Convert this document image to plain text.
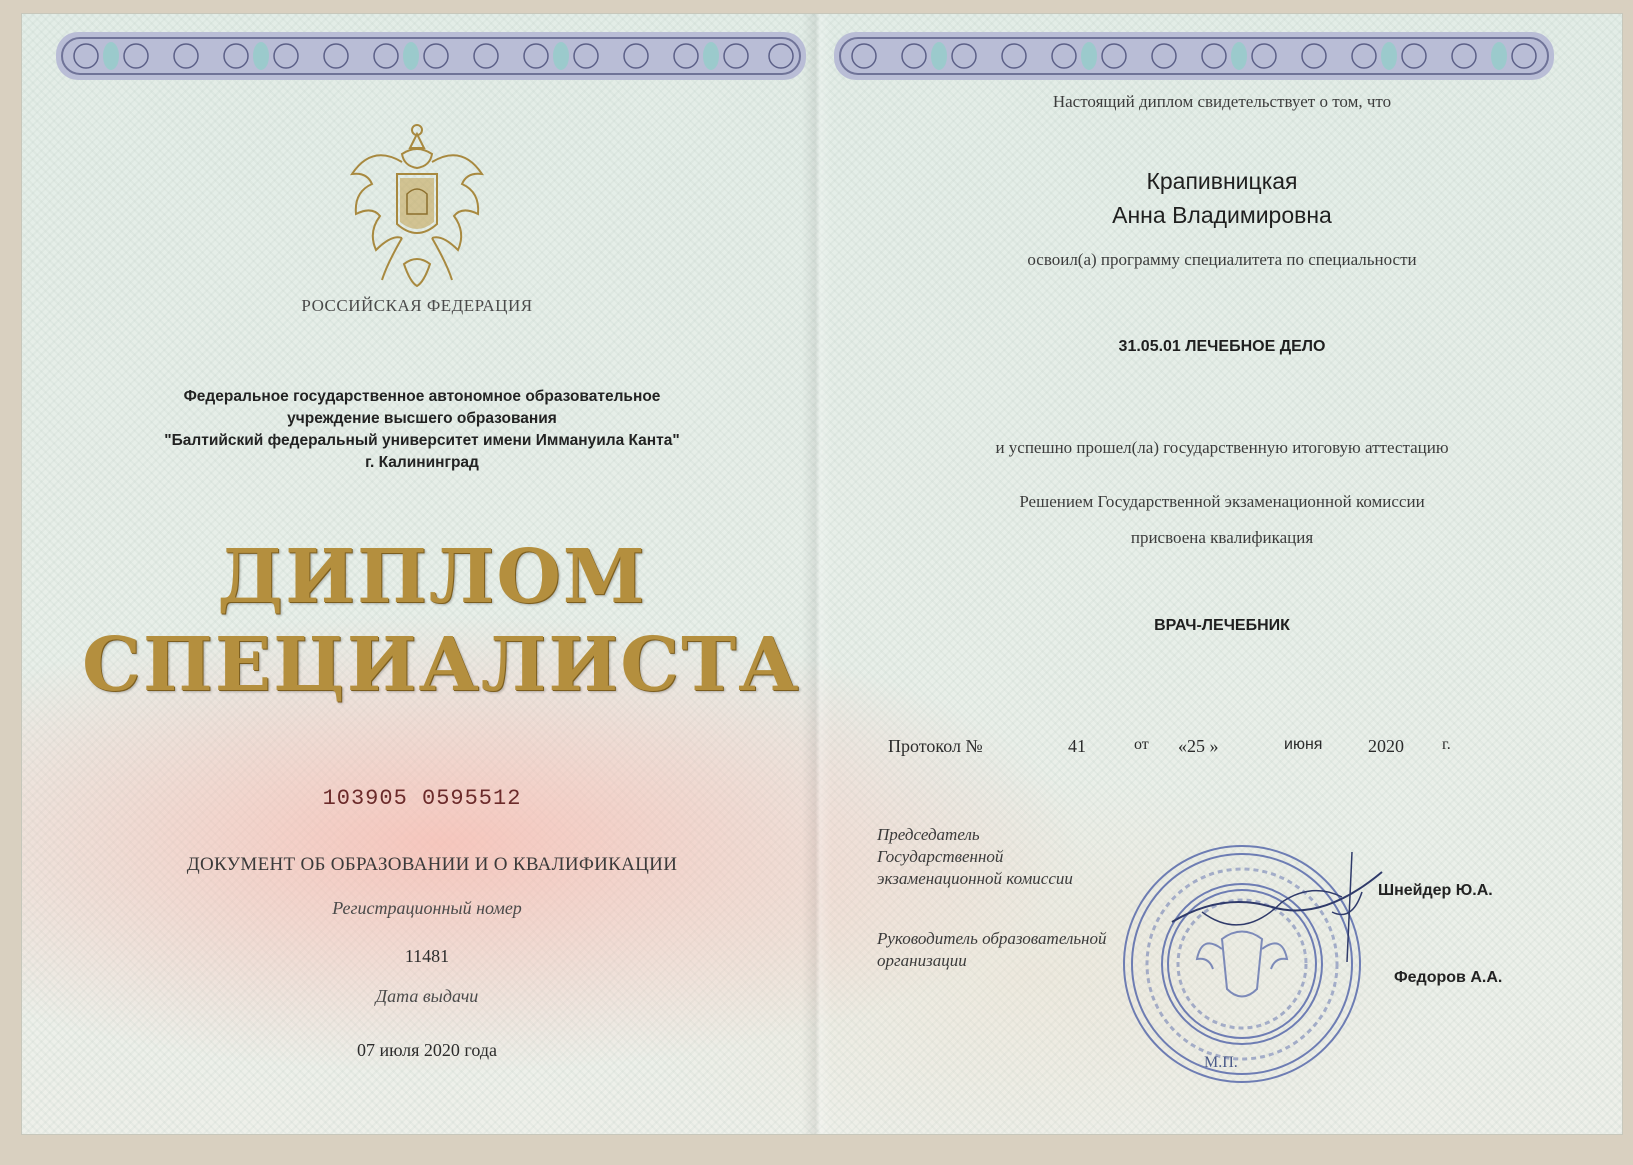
РОССИЙСКАЯ ФЕДЕРАЦИЯ
Федеральное государственное автономное образовательное
учреждение высшего образования
"Балтийский федеральный университет имени Иммануила Канта"
г. Калининград
ДИПЛОМ
СПЕЦИАЛИСТА
103905 0595512
ДОКУМЕНТ ОБ ОБРАЗОВАНИИ И О КВАЛИФИКАЦИИ
Регистрационный номер
11481
Дата выдачи
07 июля 2020 года
Настоящий диплом свидетельствует о том, что
Крапивницкая
Анна Владимировна
освоил(а) программу специалитета по специальности
31.05.01 ЛЕЧЕБНОЕ ДЕЛО
и успешно прошел(ла) государственную итоговую аттестацию
Решением Государственной экзаменационной комиссии
присвоена квалификация
ВРАЧ-ЛЕЧЕБНИК
Протокол №	41	от «25 »	июня	2020 г.
М.П.
Председатель
Государственной
экзаменационной комиссии
Шнейдер Ю.А.
Руководитель образовательной
организации
Федоров А.А.
